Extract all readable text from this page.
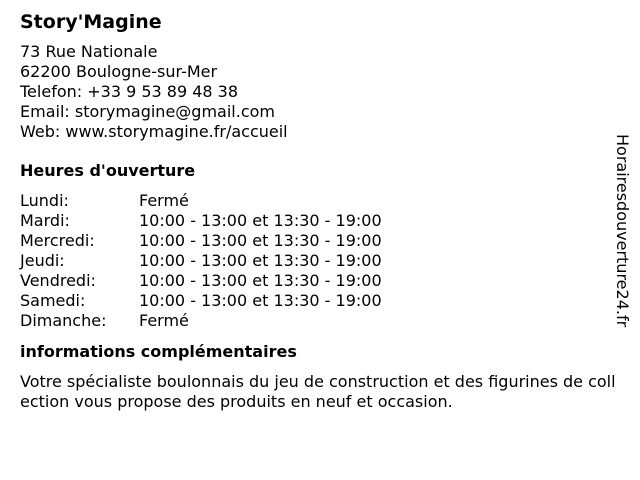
Story'Magine
73 Rue Nationale
62200 Boulogne-sur-Mer
Telefon: +33 9 53 89 48 38
Email: storymagine@gmail.com
Web: www.storymagine.fr/accueil
Heures d'ouverture
Lundi:	Fermé
Mardi:	10:00 - 13:00 et 13:30 - 19:00
Mercredi:	10:00 - 13:00 et 13:30 - 19:00
Jeudi:	10:00 - 13:00 et 13:30 - 19:00
Vendredi:	10:00 - 13:00 et 13:30 - 19:00
Samedi:	10:00 - 13:00 et 13:30 - 19:00
Dimanche:	Fermé
informations complémentaires
Votre spécialiste boulonnais du jeu de construction et des figurines de collection vous propose des produits en neuf et occasion.
Horairesdouverture24.fr
